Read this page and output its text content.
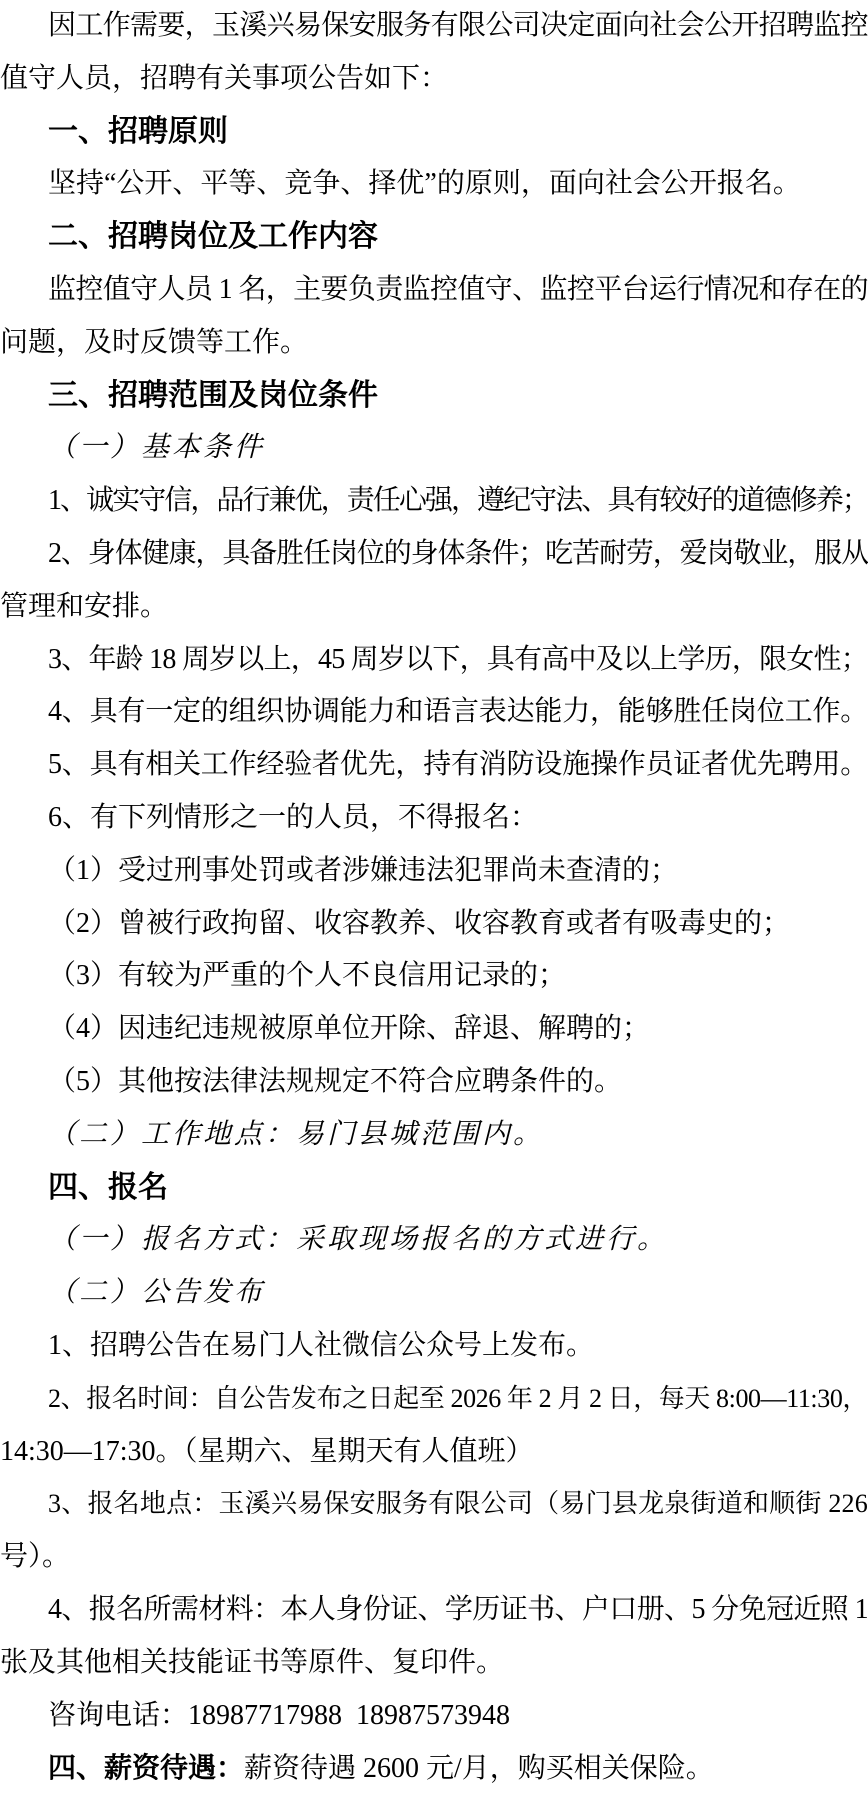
因工作需要，玉溪兴易保安服务有限公司决定面向社会公开招聘监控
值守人员，招聘有关事项公告如下：
一、招聘原则
坚持“公开、平等、竞争、择优”的原则，面向社会公开报名。
二、招聘岗位及工作内容
监控值守人员 1 名，主要负责监控值守、监控平台运行情况和存在的
问题，及时反馈等工作。
三、招聘范围及岗位条件
（一）基本条件
1、诚实守信，品行兼优，责任心强，遵纪守法、具有较好的道德修养；
2、身体健康，具备胜任岗位的身体条件；吃苦耐劳，爱岗敬业，服从
管理和安排。
3、年龄 18 周岁以上，45 周岁以下，具有高中及以上学历，限女性；
4、具有一定的组织协调能力和语言表达能力，能够胜任岗位工作。
5、具有相关工作经验者优先，持有消防设施操作员证者优先聘用。
6、有下列情形之一的人员，不得报名：
（1）受过刑事处罚或者涉嫌违法犯罪尚未查清的；
（2）曾被行政拘留、收容教养、收容教育或者有吸毒史的；
（3）有较为严重的个人不良信用记录的；
（4）因违纪违规被原单位开除、辞退、解聘的；
（5）其他按法律法规规定不符合应聘条件的。
（二）工作地点：易门县城范围内。
四、报名
（一）报名方式：采取现场报名的方式进行。
（二）公告发布
1、招聘公告在易门人社微信公众号上发布。
2、报名时间：自公告发布之日起至 2026 年 2 月 2 日，每天 8:00—11:30，
14:30—17:30。（星期六、星期天有人值班）
3、报名地点：玉溪兴易保安服务有限公司（易门县龙泉街道和顺街 226
号）。
4、报名所需材料：本人身份证、学历证书、户口册、5 分免冠近照 1
张及其他相关技能证书等原件、复印件。
咨询电话：18987717988  18987573948
四、薪资待遇：薪资待遇 2600 元/月，购买相关保险。
